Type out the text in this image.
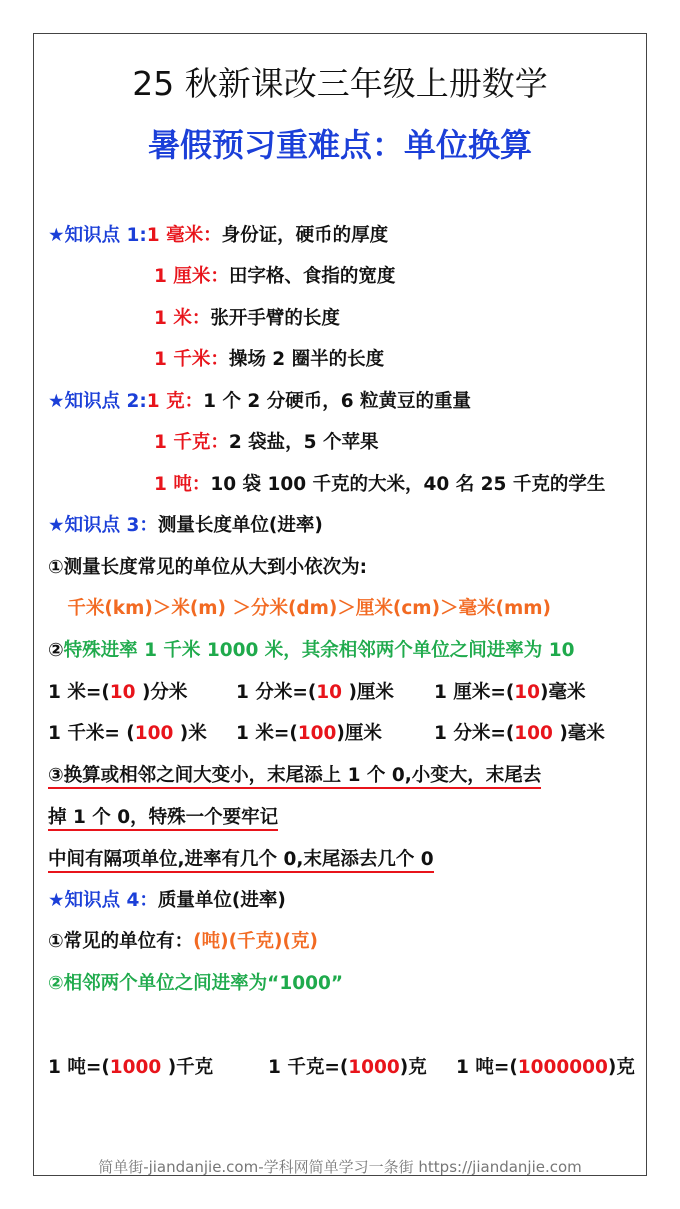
25 秋新课改三年级上册数学
暑假预习重难点：单位换算
★知识点 1:1 毫米：身份证，硬币的厚度
1 厘米：田字格、食指的宽度
1 米：张开手臂的长度
1 千米：操场 2 圈半的长度
★知识点 2:1 克：1 个 2 分硬币，6 粒黄豆的重量
1 千克：2 袋盐，5 个苹果
1 吨：10 袋 100 千克的大米，40 名 25 千克的学生
★知识点 3：测量长度单位(进率)
①测量长度常见的单位从大到小依次为:
千米(km)＞米(m) ＞分米(dm)＞厘米(cm)＞毫米(mm)
②特殊进率 1 千米 1000 米，其余相邻两个单位之间进率为 10
③换算或相邻之间大变小，末尾添上 1 个 0,小变大，末尾去
掉 1 个 0，特殊一个要牢记
中间有隔项单位,进率有几个 0,末尾添去几个 0
★知识点 4：质量单位(进率)
①常见的单位有：(吨)(千克)(克)
②相邻两个单位之间进率为“1000”
1 米=(10 )分米	1 分米=(10 )厘米 1 厘米=(10)毫米
1 千米= (100 )米 1 米=(100)厘米	1 分米=(100 )毫米
1 吨=(1000 )千克	1 千克=(1000)克 1 吨=(1000000)克
简单街-jiandanjie.com-学科网简单学习一条街 https://jiandanjie.com
